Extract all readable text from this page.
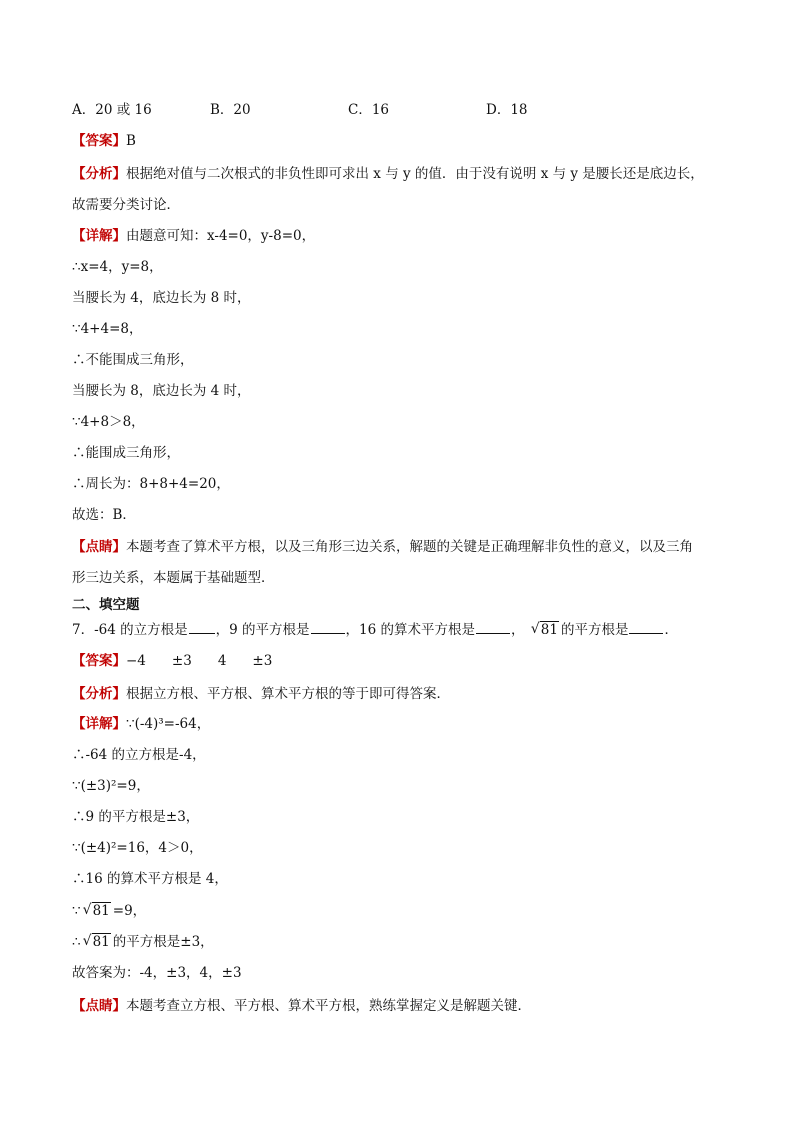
A．20 或 16	B．20	C．16	D．18
【答案】B
【分析】根据绝对值与二次根式的非负性即可求出 x 与 y 的值．由于没有说明 x 与 y 是腰长还是底边长，
故需要分类讨论．
【详解】由题意可知：x-4=0，y-8=0，
∴x=4，y=8，
当腰长为 4，底边长为 8 时，
∵4+4=8，
∴不能围成三角形，
当腰长为 8，底边长为 4 时，
∵4+8＞8，
∴能围成三角形，
∴周长为：8+8+4=20，
故选：B．
【点睛】本题考查了算术平方根，以及三角形三边关系，解题的关键是正确理解非负性的意义，以及三角
形三边关系，本题属于基础题型．
二、填空题
7．-64 的立方根是 ，9 的平方根是	，16 的算术平方根是	， √ 81 的平方根是	．
【答案】−4 ±3 4 ±3
【分析】根据立方根、平方根、算术平方根的等于即可得答案．
【详解】∵(-4)³=-64，
∴-64 的立方根是-4，
∵(±3)²=9，
∴9 的平方根是±3，
∵(±4)²=16，4＞0，
∴16 的算术平方根是 4，
∵ √ 81 =9，
∴ √ 81 的平方根是±3，
故答案为：-4，±3，4，±3
【点睛】本题考查立方根、平方根、算术平方根，熟练掌握定义是解题关键．
